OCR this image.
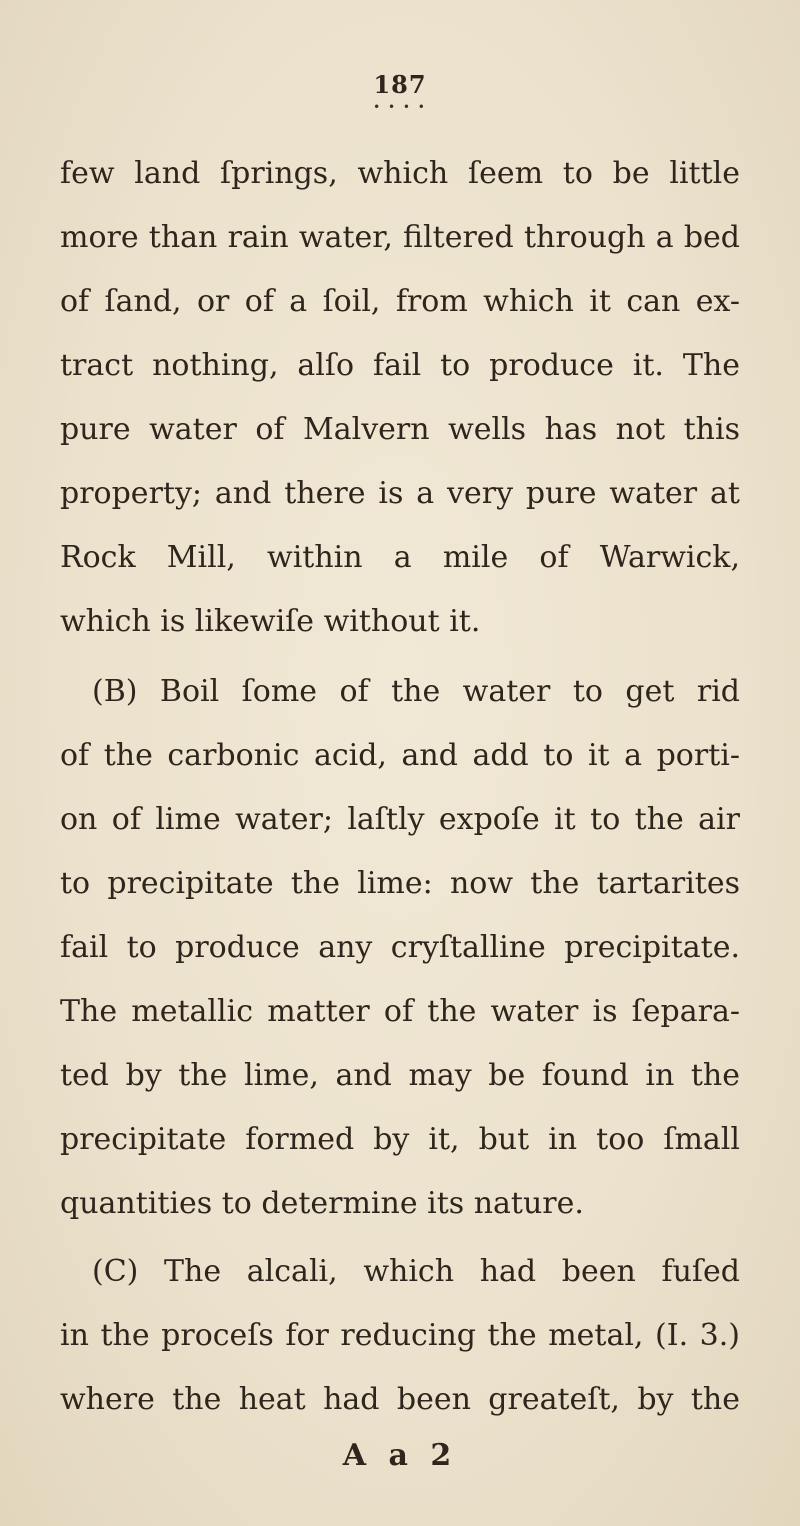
187
• • • •
few land ſprings, which ſeem to be little
more than rain water, filtered through a bed
of ſand, or of a ſoil, from which it can ex-
tract nothing, alſo fail to produce it. The
pure water of Malvern wells has not this
property; and there is a very pure water at
Rock Mill, within a mile of Warwick,
which is likewiſe without it.
(B) Boil ſome of the water to get rid
of the carbonic acid, and add to it a porti-
on of lime water; laſtly expoſe it to the air
to precipitate the lime: now the tartarites
fail to produce any cryſtalline precipitate.
The metallic matter of the water is ſepara-
ted by the lime, and may be found in the
precipitate formed by it, but in too ſmall
quantities to determine its nature.
(C) The alcali, which had been fuſed
in the proceſs for reducing the metal, (I. 3.)
where the heat had been greateſt, by the
A a 2
